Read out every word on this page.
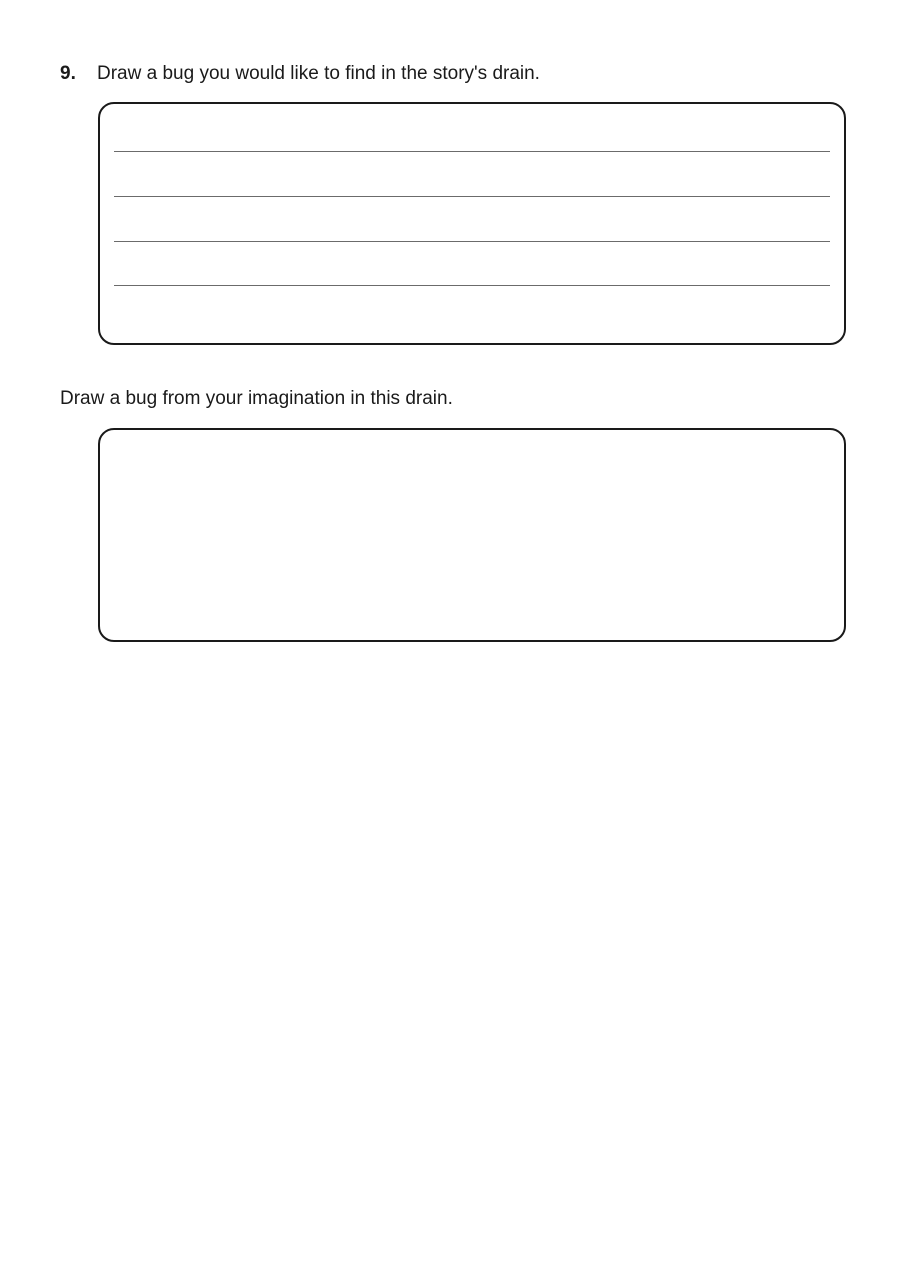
9. Draw a bug you would like to find in the story's drain.
Draw a bug from your imagination in this drain.
